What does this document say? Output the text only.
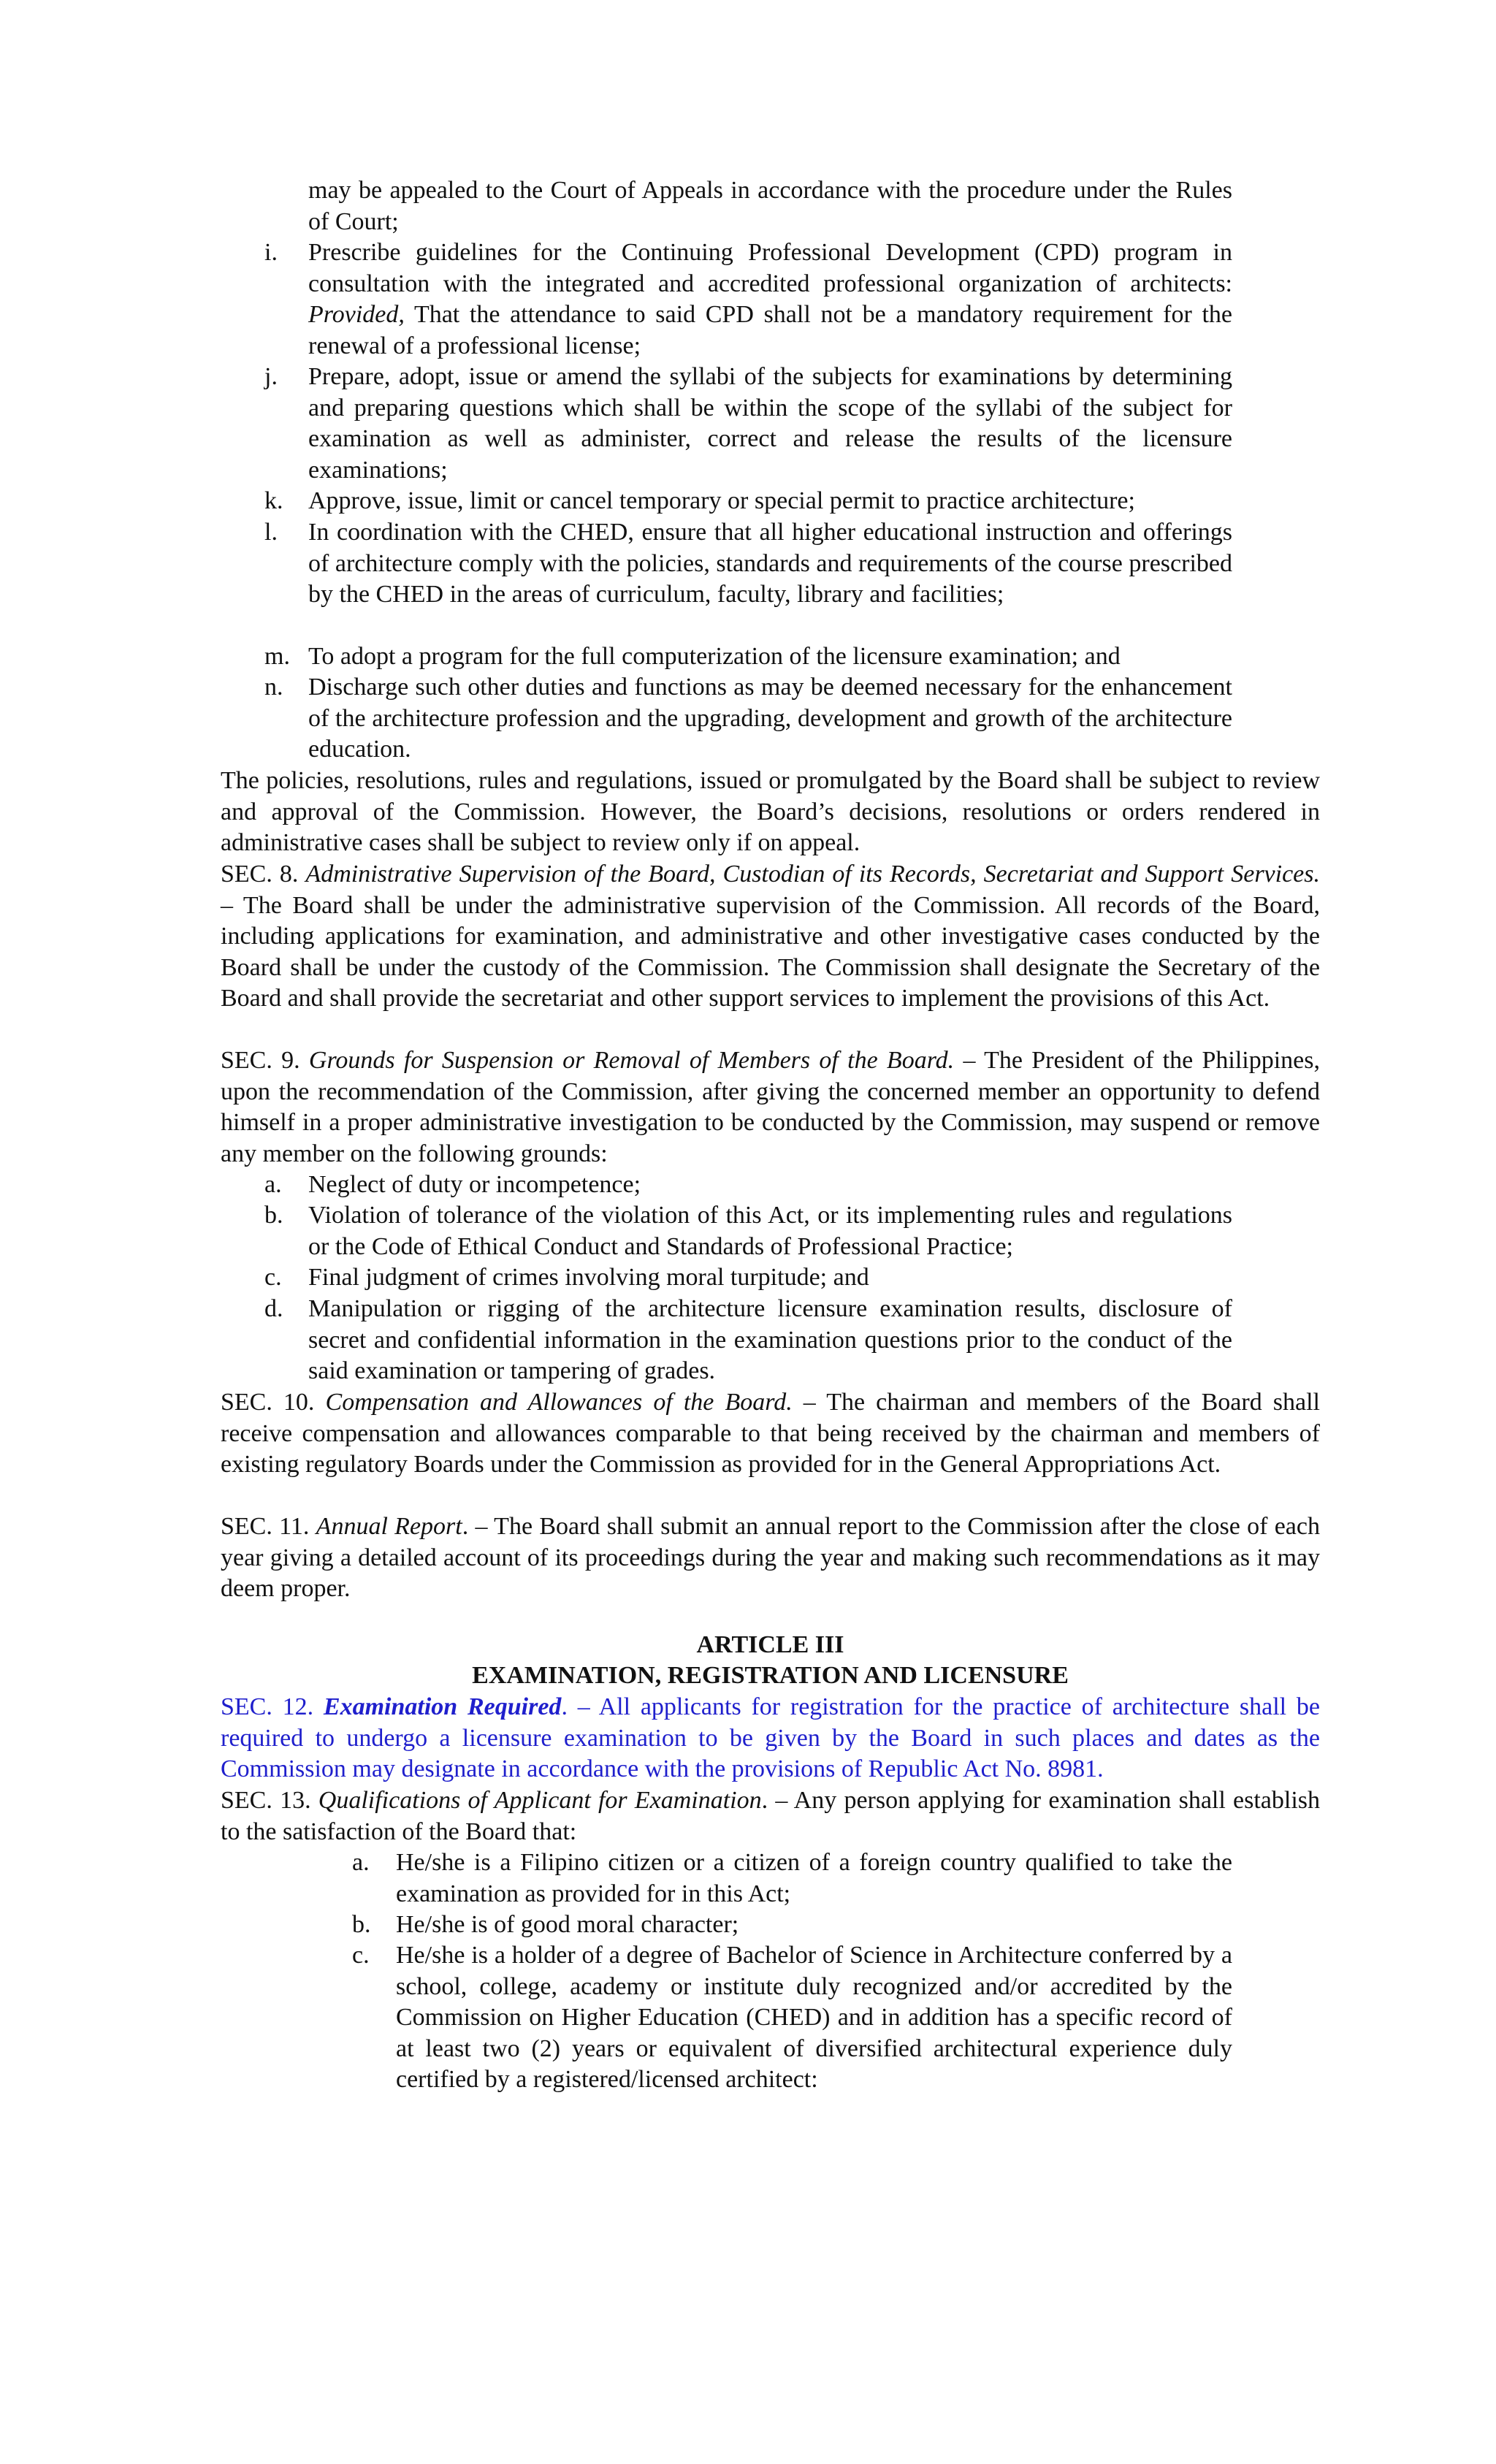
may be appealed to the Court of Appeals in accordance with the procedure under the Rules of Court;

i. Prescribe guidelines for the Continuing Professional Development (CPD) program in consultation with the integrated and accredited professional organization of architects: Provided, That the attendance to said CPD shall not be a mandatory requirement for the renewal of a professional license;
j. Prepare, adopt, issue or amend the syllabi of the subjects for examinations by determining and preparing questions which shall be within the scope of the syllabi of the subject for examination as well as administer, correct and release the results of the licensure examinations;
k. Approve, issue, limit or cancel temporary or special permit to practice architecture;
l. In coordination with the CHED, ensure that all higher educational instruction and offerings of architecture comply with the policies, standards and requirements of the course prescribed by the CHED in the areas of curriculum, faculty, library and facilities;
m. To adopt a program for the full computerization of the licensure examination; and
n. Discharge such other duties and functions as may be deemed necessary for the enhancement of the architecture profession and the upgrading, development and growth of the architecture education.

The policies, resolutions, rules and regulations, issued or promulgated by the Board shall be subject to review and approval of the Commission. However, the Board’s decisions, resolutions or orders rendered in administrative cases shall be subject to review only if on appeal.

SEC. 8. Administrative Supervision of the Board, Custodian of its Records, Secretariat and Support Services. – The Board shall be under the administrative supervision of the Commission. All records of the Board, including applications for examination, and administrative and other investigative cases conducted by the Board shall be under the custody of the Commission. The Commission shall designate the Secretary of the Board and shall provide the secretariat and other support services to implement the provisions of this Act.

SEC. 9. Grounds for Suspension or Removal of Members of the Board. – The President of the Philippines, upon the recommendation of the Commission, after giving the concerned member an opportunity to defend himself in a proper administrative investigation to be conducted by the Commission, may suspend or remove any member on the following grounds:

a. Neglect of duty or incompetence;
b. Violation of tolerance of the violation of this Act, or its implementing rules and regulations or the Code of Ethical Conduct and Standards of Professional Practice;
c. Final judgment of crimes involving moral turpitude; and
d. Manipulation or rigging of the architecture licensure examination results, disclosure of secret and confidential information in the examination questions prior to the conduct of the said examination or tampering of grades.

SEC. 10. Compensation and Allowances of the Board. – The chairman and members of the Board shall receive compensation and allowances comparable to that being received by the chairman and members of existing regulatory Boards under the Commission as provided for in the General Appropriations Act.

SEC. 11. Annual Report. – The Board shall submit an annual report to the Commission after the close of each year giving a detailed account of its proceedings during the year and making such recommendations as it may deem proper.

ARTICLE III

EXAMINATION, REGISTRATION AND LICENSURE

SEC. 12. Examination Required. – All applicants for registration for the practice of architecture shall be required to undergo a licensure examination to be given by the Board in such places and dates as the Commission may designate in accordance with the provisions of Republic Act No. 8981.

SEC. 13. Qualifications of Applicant for Examination. – Any person applying for examination shall establish to the satisfaction of the Board that:

a. He/she is a Filipino citizen or a citizen of a foreign country qualified to take the examination as provided for in this Act;
b. He/she is of good moral character;
c. He/she is a holder of a degree of Bachelor of Science in Architecture conferred by a school, college, academy or institute duly recognized and/or accredited by the Commission on Higher Education (CHED) and in addition has a specific record of at least two (2) years or equivalent of diversified architectural experience duly certified by a registered/licensed architect:
